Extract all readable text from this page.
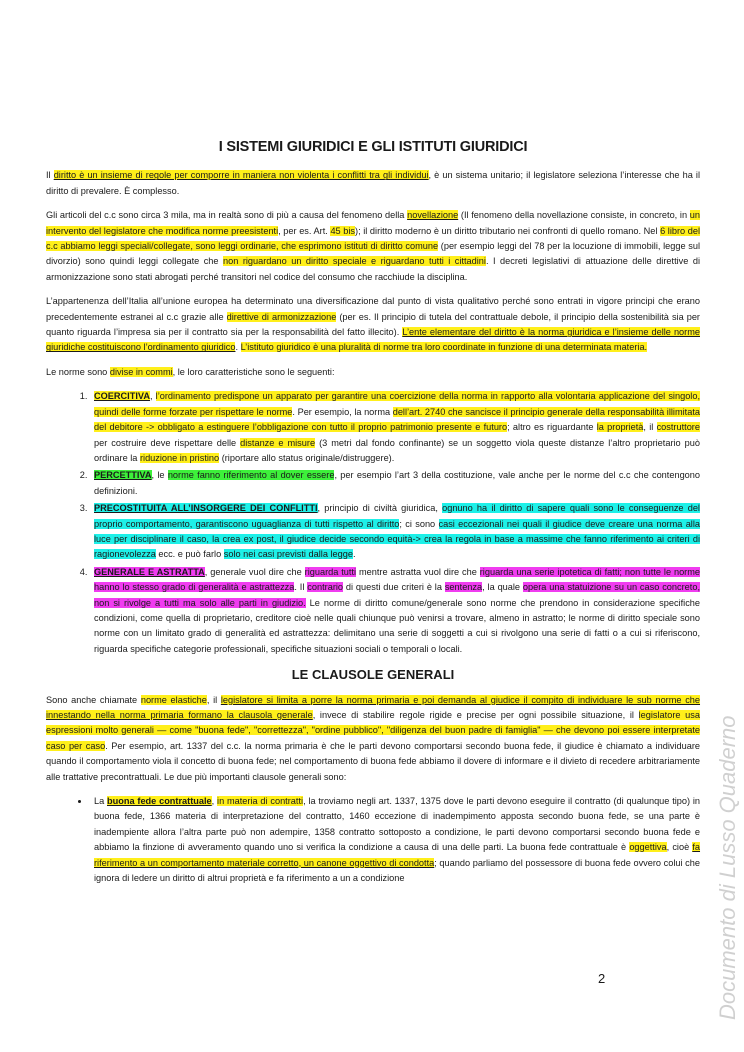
I SISTEMI GIURIDICI E GLI ISTITUTI GIURIDICI

Il diritto è un insieme di regole per comporre in maniera non violenta i conflitti tra gli individui, è un sistema unitario; il legislatore seleziona l’interesse che ha il diritto di prevalere. È complesso.

Gli articoli del c.c sono circa 3 mila, ma in realtà sono di più a causa del fenomeno della novellazione (Il fenomeno della novellazione consiste, in concreto, in un intervento del legislatore che modifica norme preesistenti, per es. Art. 45 bis); il diritto moderno è un diritto tributario nei confronti di quello romano. Nel 6 libro del c.c abbiamo leggi speciali/collegate, sono leggi ordinarie, che esprimono istituti di diritto comune (per esempio leggi del 78 per la locuzione di immobili, legge sul divorzio) sono quindi leggi collegate che non riguardano un diritto speciale e riguardano tutti i cittadini. I decreti legislativi di attuazione delle direttive di armonizzazione sono stati abrogati perché transitori nel codice del consumo che racchiude la disciplina.

L’appartenenza dell’Italia all’unione europea ha determinato una diversificazione dal punto di vista qualitativo perché sono entrati in vigore principi che erano precedentemente estranei al c.c grazie alle direttive di armonizzazione (per es. Il principio di tutela del contrattuale debole, il principio della sostenibilità sia per quanto riguarda l’impresa sia per il contratto sia per la responsabilità del fatto illecito). L’ente elementare del diritto è la norma giuridica e l’insieme delle norme giuridiche costituiscono l’ordinamento giuridico. L’istituto giuridico è una pluralità di norme tra loro coordinate in funzione di una determinata materia.

Le norme sono divise in commi, le loro caratteristiche sono le seguenti:

1. COERCITIVA, l’ordinamento predispone un apparato per garantire una coercizione della norma in rapporto alla volontaria applicazione del singolo, quindi delle forme forzate per rispettare le norme. Per esempio, la norma dell’art. 2740 che sancisce il principio generale della responsabilità illimitata del debitore -> obbligato a estinguere l’obbligazione con tutto il proprio patrimonio presente e futuro; altro es riguardante la proprietà, il costruttore per costruire deve rispettare delle distanze e misure (3 metri dal fondo confinante) se un soggetto viola queste distanze l’altro proprietario può ordinare la riduzione in pristino (riportare allo status originale/distruggere).
2. PERCETTIVA, le norme fanno riferimento al dover essere, per esempio l’art 3 della costituzione, vale anche per le norme del c.c che contengono definizioni.
3. PRECOSTITUITA ALL’INSORGERE DEI CONFLITTI, principio di civiltà giuridica, ognuno ha il diritto di sapere quali sono le conseguenze del proprio comportamento, garantiscono uguaglianza di tutti rispetto al diritto; ci sono casi eccezionali nei quali il giudice deve creare una norma alla luce per disciplinare il caso, la crea ex post, il giudice decide secondo equità-> crea la regola in base a massime che fanno riferimento ai criteri di ragionevolezza ecc. e può farlo solo nei casi previsti dalla legge.
4. GENERALE E ASTRATTA, generale vuol dire che riguarda tutti mentre astratta vuol dire che riguarda una serie ipotetica di fatti; non tutte le norme hanno lo stesso grado di generalità e astrattezza. Il contrario di questi due criteri è la sentenza, la quale opera una statuizione su un caso concreto, non si rivolge a tutti ma solo alle parti in giudizio. Le norme di diritto comune/generale sono norme che prendono in considerazione specifiche condizioni, come quella di proprietario, creditore cioè nelle quali chiunque può venirsi a trovare, almeno in astratto; le norme di diritto speciale sono norme con un limitato grado di generalità ed astrattezza: delimitano una serie di soggetti a cui si rivolgono una serie di fatti o a cui si riferiscono, riguarda specifiche categorie professionali, specifiche situazioni sociali o temporali o locali.
LE CLAUSOLE GENERALI

Sono anche chiamate norme elastiche, il legislatore si limita a porre la norma primaria e poi demanda al giudice il compito di individuare le sub norme che innestando nella norma primaria formano la clausola generale, invece di stabilire regole rigide e precise per ogni possibile situazione, il legislatore usa espressioni molto generali — come "buona fede", "correttezza", "ordine pubblico", "diligenza del buon padre di famiglia" — che devono poi essere interpretate caso per caso. Per esempio, art. 1337 del c.c. la norma primaria è che le parti devono comportarsi secondo buona fede, il giudice è chiamato a individuare quando il comportamento viola il concetto di buona fede; nel comportamento di buona fede abbiamo il dovere di informare e il divieto di recedere arbitrariamente alle trattative precontrattuali. Le due più importanti clausole generali sono:

• La buona fede contrattuale, in materia di contratti, la troviamo negli art. 1337, 1375 dove le parti devono eseguire il contratto (di qualunque tipo) in buona fede, 1366 materia di interpretazione del contratto, 1460 eccezione di inadempimento apposta secondo buona fede, se una parte è inadempiente allora l’altra parte può non adempire, 1358 contratto sottoposto a condizione, le parti devono comportarsi secondo buona fede e abbiamo la finzione di avveramento quando uno si verifica la condizione a causa di una delle parti. La buona fede contrattuale è oggettiva, cioè fa riferimento a un comportamento materiale corretto, un canone oggettivo di condotta; quando parliamo del possessore di buona fede ovvero colui che ignora di ledere un diritto di altrui proprietà e fa riferimento a un a condizione
2	Documento di Lusso Quaderno
